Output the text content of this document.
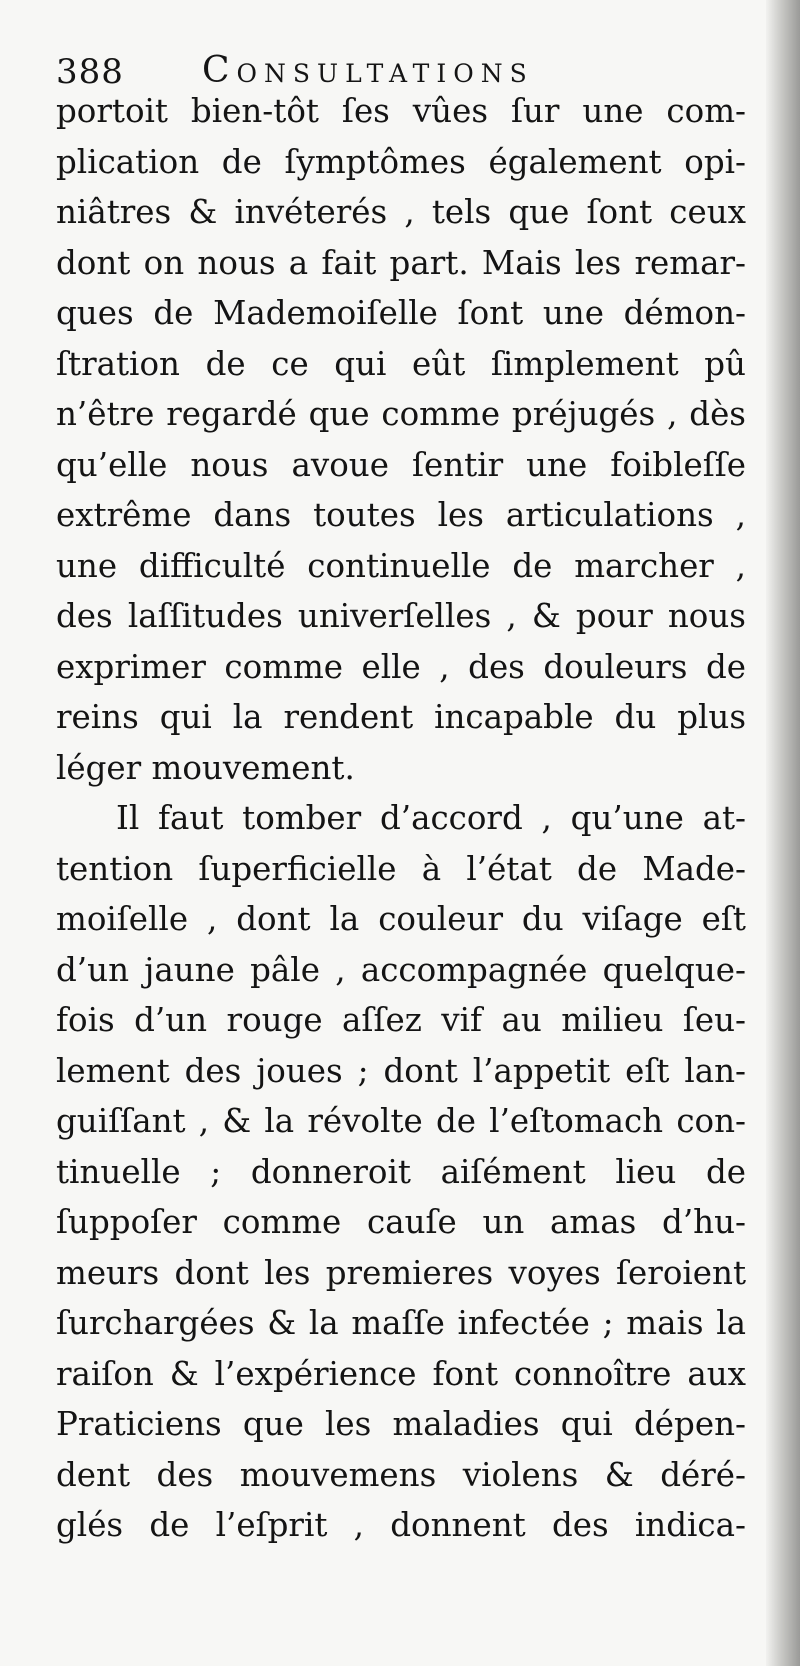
388 Consultations
portoit bien-tôt ſes vûes ſur une com-
plication de ſymptômes également opi-
niâtres & invéterés , tels que ſont ceux
dont on nous a fait part. Mais les remar-
ques de Mademoiſelle ſont une démon-
ſtration de ce qui eût ſimplement pû
n’être regardé que comme préjugés , dès
qu’elle nous avoue ſentir une foibleſſe
extrême dans toutes les articulations ,
une difficulté continuelle de marcher ,
des laſſitudes univerſelles , & pour nous
exprimer comme elle , des douleurs de
reins qui la rendent incapable du plus
léger mouvement.
Il faut tomber d’accord , qu’une at-
tention ſuperficielle à l’état de Made-
moiſelle , dont la couleur du viſage eſt
d’un jaune pâle , accompagnée quelque-
fois d’un rouge aſſez vif au milieu ſeu-
lement des joues ; dont l’appetit eſt lan-
guiſſant , & la révolte de l’eſtomach con-
tinuelle ; donneroit aiſément lieu de
ſuppoſer comme cauſe un amas d’hu-
meurs dont les premieres voyes ſeroient
ſurchargées & la maſſe infectée ; mais la
raiſon & l’expérience font connoître aux
Praticiens que les maladies qui dépen-
dent des mouvemens violens & déré-
glés de l’eſprit , donnent des indica-
